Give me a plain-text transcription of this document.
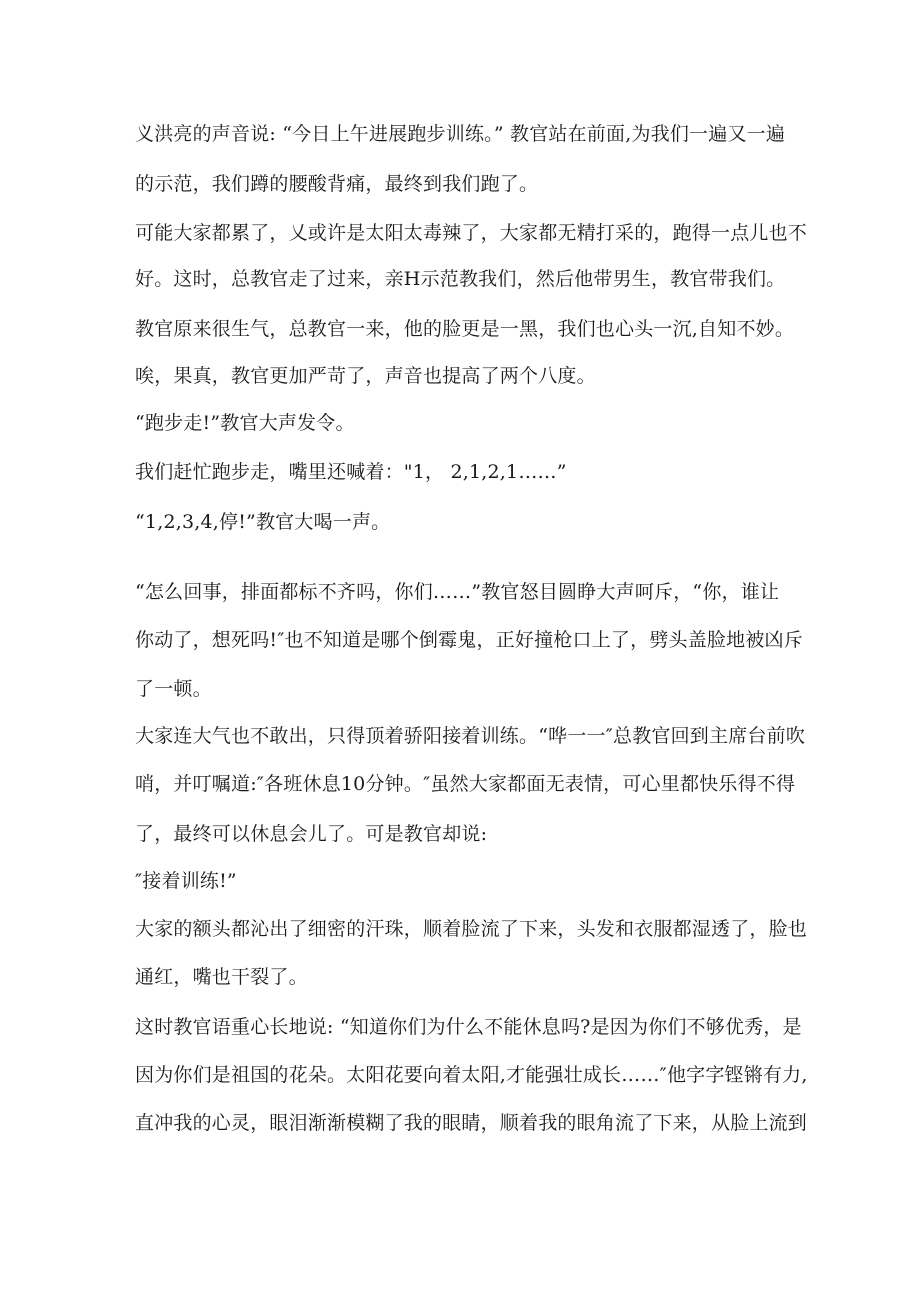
义洪亮的声音说: “今日上午进展跑步训练。” 教官站在前面,为我们一遍又一遍
的示范，我们蹲的腰酸背痛，最终到我们跑了。
可能大家都累了，乂或许是太阳太毒辣了，大家都无精打采的，跑得一点儿也不
好。这时，总教官走了过来，亲H示范教我们，然后他带男生，教官带我们。
教官原来很生气，总教官一来，他的脸更是一黑，我们也心头一沉,自知不妙。
唉，果真，教官更加严苛了，声音也提高了两个八度。
“跑步走!”教官大声发令。
我们赶忙跑步走，嘴里还喊着："1， 2,1,2,1……”
“1,2,3,4,停!”教官大喝一声。
“怎么回事，排面都标不齐吗，你们……”教官怒目圆睁大声呵斥，“你，谁让
你动了，想死吗!″也不知道是哪个倒霉鬼，正好撞枪口上了，劈头盖脸地被凶斥
了一顿。
大家连大气也不敢出，只得顶着骄阳接着训练。“哗一一″总教官回到主席台前吹
哨，并叮嘱道:″各班休息10分钟。″虽然大家都面无表情，可心里都快乐得不得
了，最终可以休息会儿了。可是教官却说:
″接着训练!”
大家的额头都沁出了细密的汗珠，顺着脸流了下来，头发和衣服都湿透了，脸也
通红，嘴也干裂了。
这时教官语重心长地说: “知道你们为什么不能休息吗?是因为你们不够优秀，是
因为你们是祖国的花朵。太阳花要向着太阳,才能强壮成长……″他字字铿锵有力,
直冲我的心灵，眼泪渐渐模糊了我的眼睛，顺着我的眼角流了下来，从脸上流到
